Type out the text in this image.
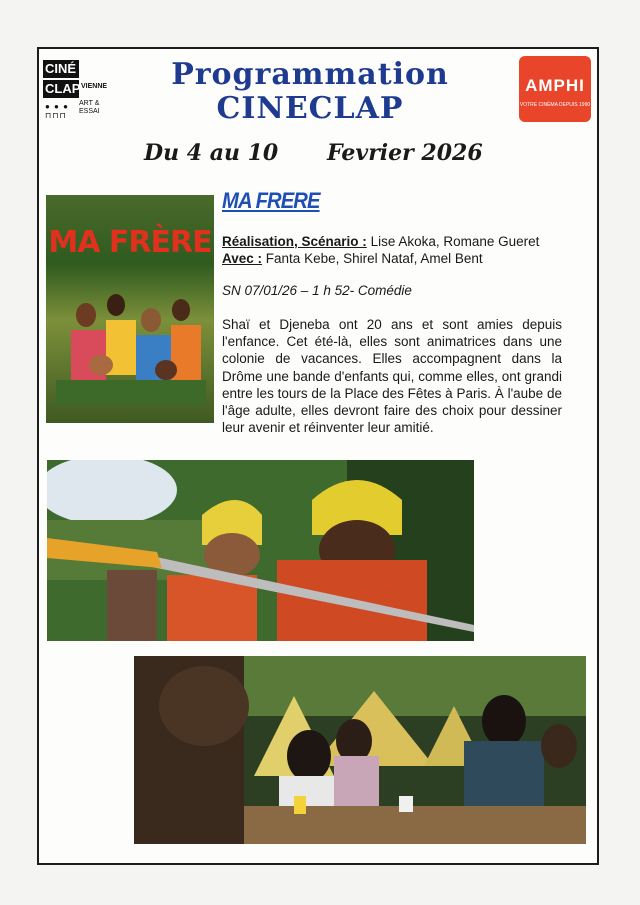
CINÉ
CLAP VIENNE
● ● ●
⊓⊓⊓
ART & ESSAI
Programmation
CINECLAP
AMPHI
VOTRE CINÉMA DEPUIS 1990
Du 4 au 10 Fevrier 2026
MA FRÈRE
MA FRERE
Réalisation, Scénario : Lise Akoka, Romane Gueret
Avec : Fanta Kebe, Shirel Nataf, Amel Bent
SN 07/01/26 – 1 h 52- Comédie
Shaï et Djeneba ont 20 ans et sont amies depuis l'enfance. Cet été-là, elles sont animatrices dans une colonie de vacances. Elles accompagnent dans la Drôme une bande d'enfants qui, comme elles, ont grandi entre les tours de la Place des Fêtes à Paris. À l'aube de l'âge adulte, elles devront faire des choix pour dessiner leur avenir et réinventer leur amitié.
